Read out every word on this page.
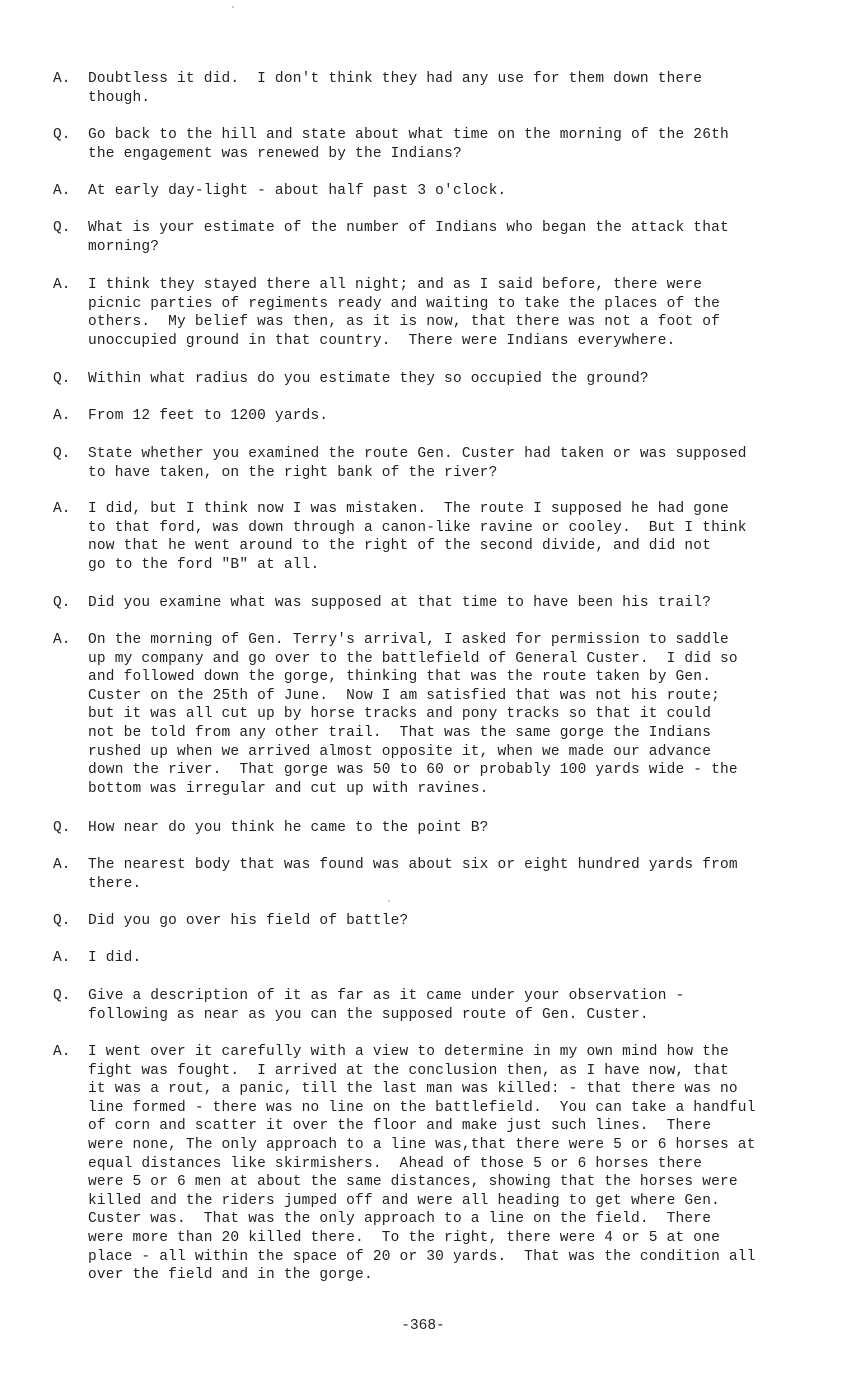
A. Doubtless it did.  I don't think they had any use for them down there
though.
Q. Go back to the hill and state about what time on the morning of the 26th
the engagement was renewed by the Indians?
A. At early day-light - about half past 3 o'clock.
Q. What is your estimate of the number of Indians who began the attack that
morning?
A. I think they stayed there all night; and as I said before, there were
picnic parties of regiments ready and waiting to take the places of the
others.  My belief was then, as it is now, that there was not a foot of
unoccupied ground in that country.  There were Indians everywhere.
Q. Within what radius do you estimate they so occupied the ground?
A. From 12 feet to 1200 yards.
Q. State whether you examined the route Gen. Custer had taken or was supposed
to have taken, on the right bank of the river?
A. I did, but I think now I was mistaken.  The route I supposed he had gone
to that ford, was down through a canon-like ravine or cooley.  But I think
now that he went around to the right of the second divide, and did not
go to the ford "B" at all.
Q. Did you examine what was supposed at that time to have been his trail?
A. On the morning of Gen. Terry's arrival, I asked for permission to saddle
up my company and go over to the battlefield of General Custer.  I did so
and followed down the gorge, thinking that was the route taken by Gen.
Custer on the 25th of June.  Now I am satisfied that was not his route;
but it was all cut up by horse tracks and pony tracks so that it could
not be told from any other trail.  That was the same gorge the Indians
rushed up when we arrived almost opposite it, when we made our advance
down the river.  That gorge was 50 to 60 or probably 100 yards wide - the
bottom was irregular and cut up with ravines.
Q. How near do you think he came to the point B?
A. The nearest body that was found was about six or eight hundred yards from
there.
Q. Did you go over his field of battle?
A. I did.
Q. Give a description of it as far as it came under your observation -
following as near as you can the supposed route of Gen. Custer.
A. I went over it carefully with a view to determine in my own mind how the
fight was fought.  I arrived at the conclusion then, as I have now, that
it was a rout, a panic, till the last man was killed: - that there was no
line formed - there was no line on the battlefield.  You can take a handful
of corn and scatter it over the floor and make just such lines.  There
were none, The only approach to a line was,that there were 5 or 6 horses at
equal distances like skirmishers.  Ahead of those 5 or 6 horses there
were 5 or 6 men at about the same distances, showing that the horses were
killed and the riders jumped off and were all heading to get where Gen.
Custer was.  That was the only approach to a line on the field.  There
were more than 20 killed there.  To the right, there were 4 or 5 at one
place - all within the space of 20 or 30 yards.  That was the condition all
over the field and in the gorge.
-368-
